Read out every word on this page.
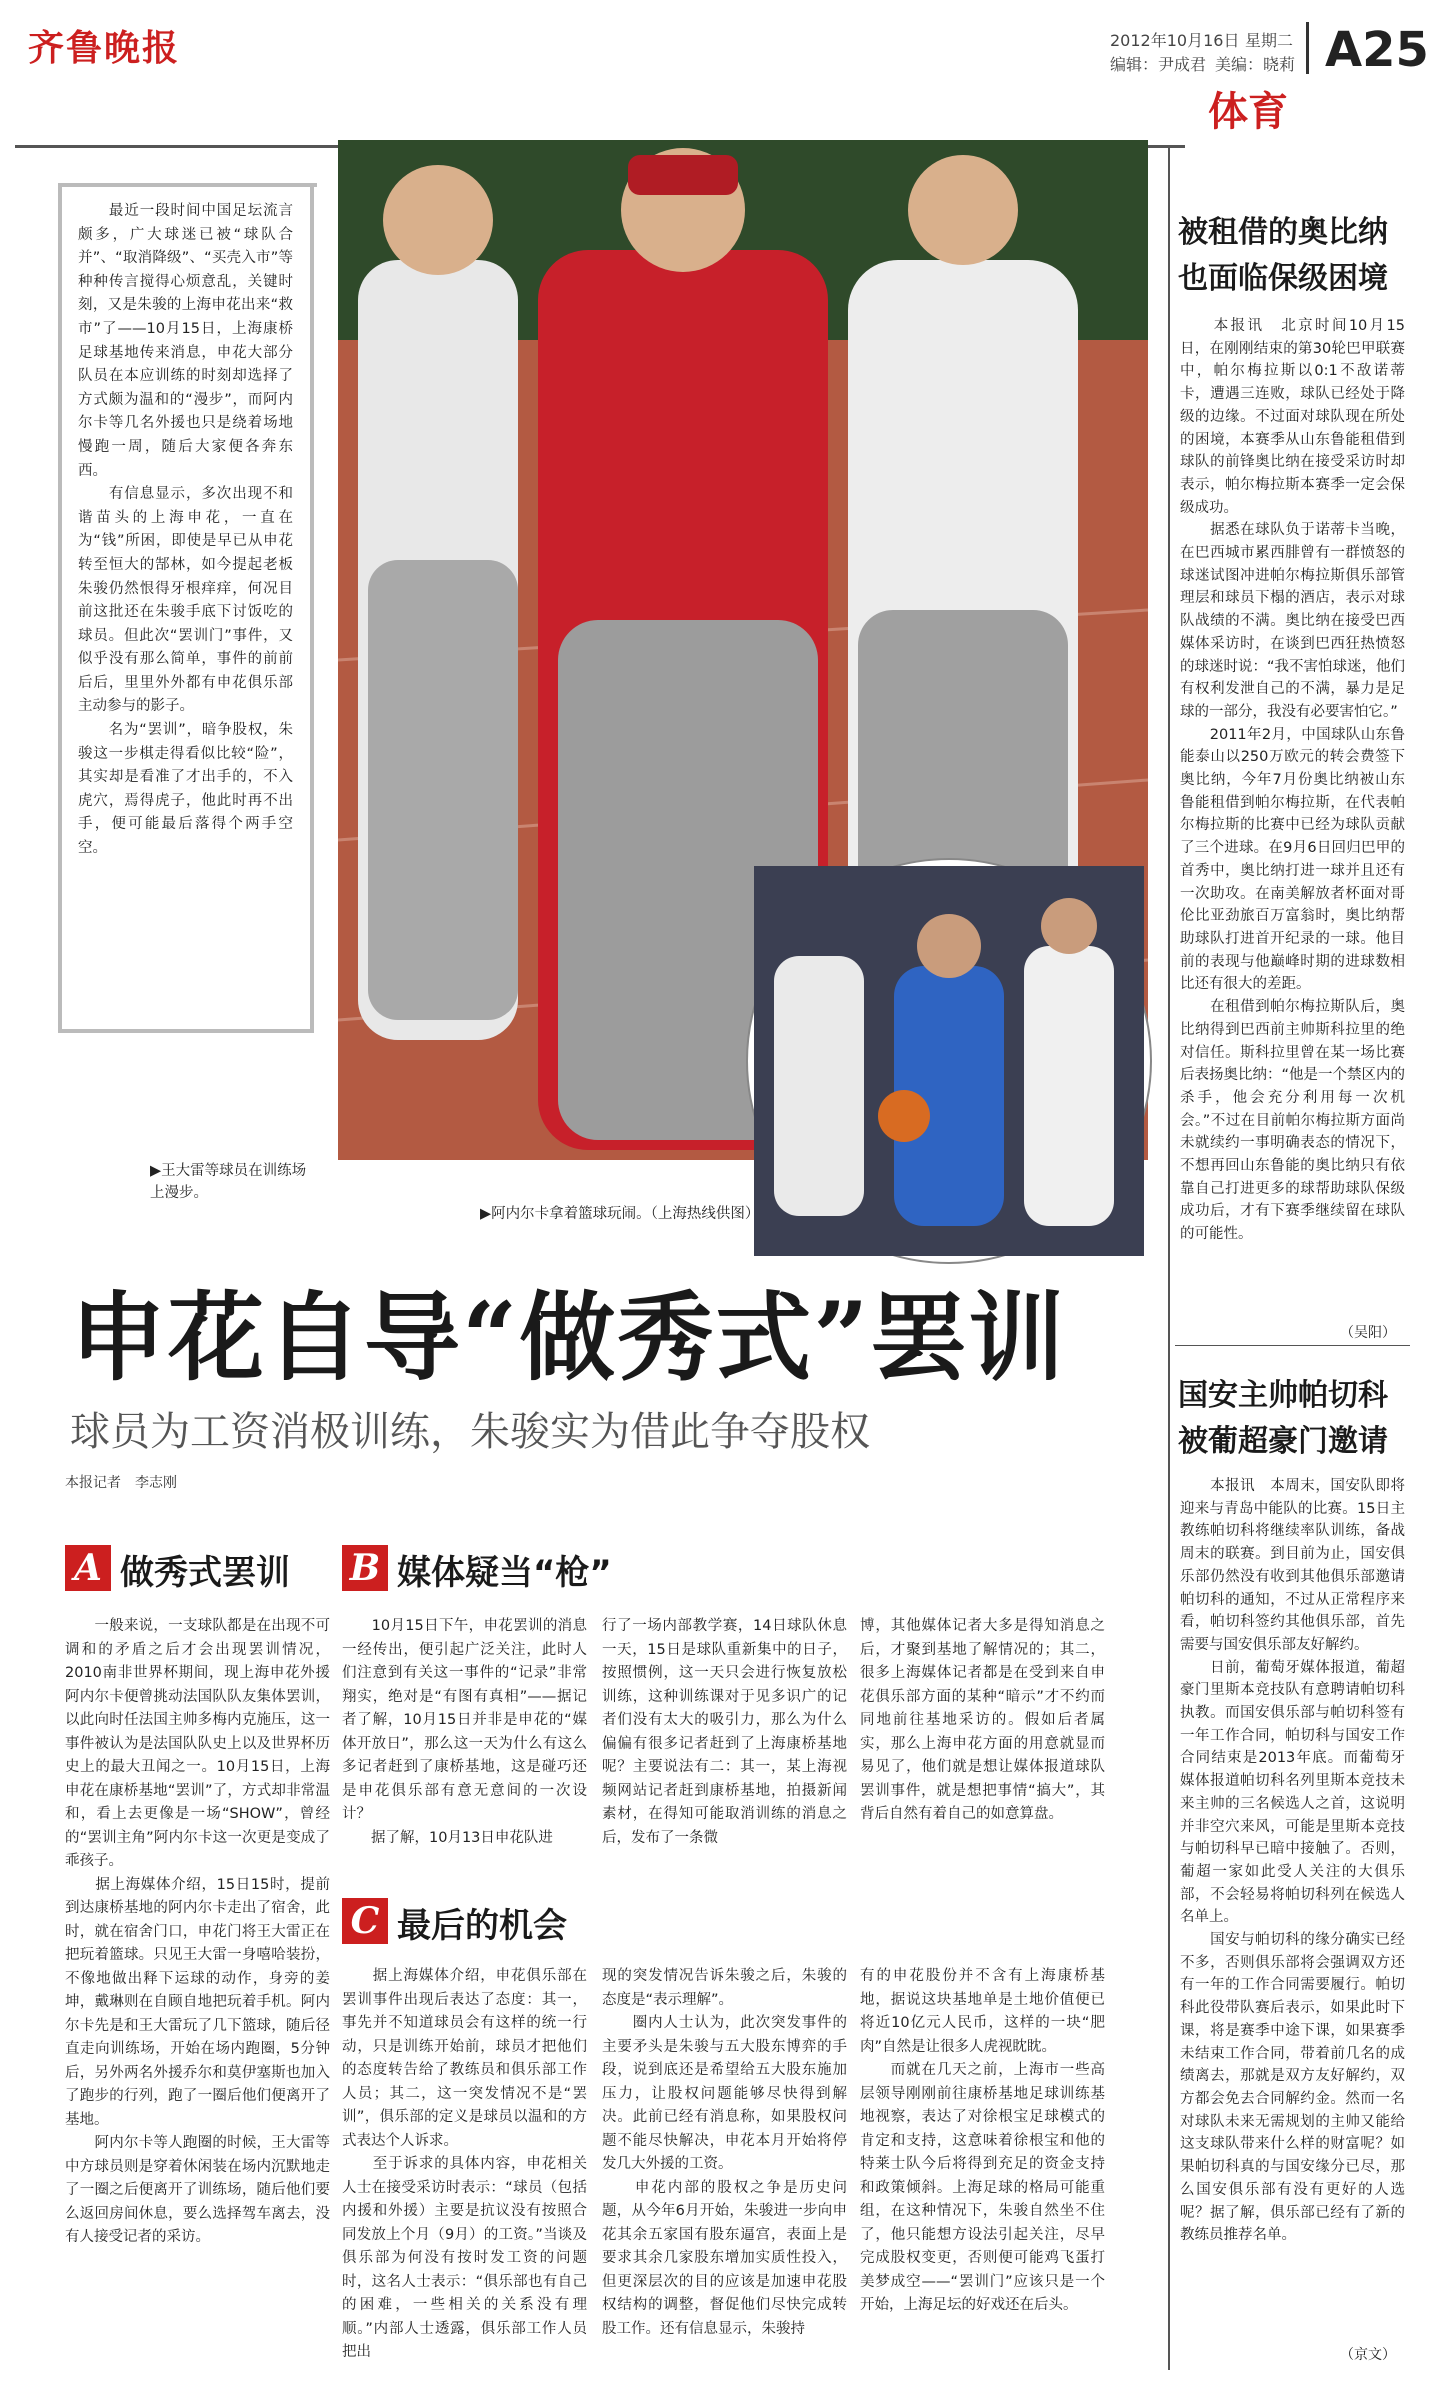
齐鲁晚报	2012年10月16日 星期二
编辑：尹成君 美编：晓莉 A25
体育
▶王大雷等球员在训练场上漫步。
▶阿内尔卡拿着篮球玩闹。（上海热线供图）
　　最近一段时间中国足坛流言颇多，广大球迷已被“球队合并”、“取消降级”、“买壳入市”等种种传言搅得心烦意乱，关键时刻，又是朱骏的上海申花出来“救市”了——10月15日，上海康桥足球基地传来消息，申花大部分队员在本应训练的时刻却选择了方式颇为温和的“漫步”，而阿内尔卡等几名外援也只是绕着场地慢跑一周，随后大家便各奔东西。
　　有信息显示，多次出现不和谐苗头的上海申花，一直在为“钱”所困，即使是早已从申花转至恒大的郜林，如今提起老板朱骏仍然恨得牙根痒痒，何况目前这批还在朱骏手底下讨饭吃的球员。但此次“罢训门”事件，又似乎没有那么简单，事件的前前后后，里里外外都有申花俱乐部主动参与的影子。
　　名为“罢训”，暗争股权，朱骏这一步棋走得看似比较“险”，其实却是看准了才出手的，不入虎穴，焉得虎子，他此时再不出手，便可能最后落得个两手空空。
申花自导“做秀式”罢训
球员为工资消极训练，朱骏实为借此争夺股权
本报记者　李志刚
A 做秀式罢训
　　一般来说，一支球队都是在出现不可调和的矛盾之后才会出现罢训情况，2010南非世界杯期间，现上海申花外援阿内尔卡便曾挑动法国队队友集体罢训，以此向时任法国主帅多梅内克施压，这一事件被认为是法国队队史上以及世界杯历史上的最大丑闻之一。10月15日，上海申花在康桥基地“罢训”了，方式却非常温和，看上去更像是一场“SHOW”，曾经的“罢训主角”阿内尔卡这一次更是变成了乖孩子。
　　据上海媒体介绍，15日15时，提前到达康桥基地的阿内尔卡走出了宿舍，此时，就在宿舍门口，申花门将王大雷正在把玩着篮球。只见王大雷一身嘻哈装扮，不像地做出释下运球的动作，身旁的姜坤，戴琳则在自顾自地把玩着手机。阿内尔卡先是和王大雷玩了几下篮球，随后径直走向训练场，开始在场内跑圈，5分钟后，另外两名外援乔尔和莫伊塞斯也加入了跑步的行列，跑了一圈后他们便离开了基地。
　　阿内尔卡等人跑圈的时候，王大雷等中方球员则是穿着休闲装在场内沉默地走了一圈之后便离开了训练场，随后他们要么返回房间休息，要么选择驾车离去，没有人接受记者的采访。
B 媒体疑当“枪”
　　10月15日下午，申花罢训的消息一经传出，便引起广泛关注，此时人们注意到有关这一事件的“记录”非常翔实，绝对是“有图有真相”——据记者了解，10月15日并非是申花的“媒体开放日”，那么这一天为什么有这么多记者赶到了康桥基地，这是碰巧还是申花俱乐部有意无意间的一次设计？
　　据了解，10月13日申花队进
行了一场内部教学赛，14日球队休息一天，15日是球队重新集中的日子，按照惯例，这一天只会进行恢复放松训练，这种训练课对于见多识广的记者们没有太大的吸引力，那么为什么偏偏有很多记者赶到了上海康桥基地呢？主要说法有二：其一，某上海视频网站记者赶到康桥基地，拍摄新闻素材，在得知可能取消训练的消息之后，发布了一条微
博，其他媒体记者大多是得知消息之后，才聚到基地了解情况的；其二，很多上海媒体记者都是在受到来自申花俱乐部方面的某种“暗示”才不约而同地前往基地采访的。假如后者属实，那么上海申花方面的用意就显而易见了，他们就是想让媒体报道球队罢训事件，就是想把事情“搞大”，其背后自然有着自己的如意算盘。
C 最后的机会
　　据上海媒体介绍，申花俱乐部在罢训事件出现后表达了态度：其一，事先并不知道球员会有这样的统一行动，只是训练开始前，球员才把他们的态度转告给了教练员和俱乐部工作人员；其二，这一突发情况不是“罢训”，俱乐部的定义是球员以温和的方式表达个人诉求。
　　至于诉求的具体内容，申花相关人士在接受采访时表示：“球员（包括内援和外援）主要是抗议没有按照合同发放上个月（9月）的工资。”当谈及俱乐部为何没有按时发工资的问题时，这名人士表示：“俱乐部也有自己的困难，一些相关的关系没有理顺。”内部人士透露，俱乐部工作人员把出
现的突发情况告诉朱骏之后，朱骏的态度是“表示理解”。
　　圈内人士认为，此次突发事件的主要矛头是朱骏与五大股东博弈的手段，说到底还是希望给五大股东施加压力，让股权问题能够尽快得到解决。此前已经有消息称，如果股权问题不能尽快解决，申花本月开始将停发几大外援的工资。
　　申花内部的股权之争是历史问题，从今年6月开始，朱骏进一步向申花其余五家国有股东逼宫，表面上是要求其余几家股东增加实质性投入，但更深层次的目的应该是加速申花股权结构的调整，督促他们尽快完成转股工作。还有信息显示，朱骏持
有的申花股份并不含有上海康桥基地，据说这块基地单是土地价值便已将近10亿元人民币，这样的一块“肥肉”自然是让很多人虎视眈眈。
　　而就在几天之前，上海市一些高层领导刚刚前往康桥基地足球训练基地视察，表达了对徐根宝足球模式的肯定和支持，这意味着徐根宝和他的特莱士队今后将得到充足的资金支持和政策倾斜。上海足球的格局可能重组，在这种情况下，朱骏自然坐不住了，他只能想方设法引起关注，尽早完成股权变更，否则便可能鸡飞蛋打美梦成空——“罢训门”应该只是一个开始，上海足坛的好戏还在后头。
被租借的奥比纳
也面临保级困境
　　本报讯　北京时间10月15日，在刚刚结束的第30轮巴甲联赛中，帕尔梅拉斯以0:1不敌诺蒂卡，遭遇三连败，球队已经处于降级的边缘。不过面对球队现在所处的困境，本赛季从山东鲁能租借到球队的前锋奥比纳在接受采访时却表示，帕尔梅拉斯本赛季一定会保级成功。
　　据悉在球队负于诺蒂卡当晚，在巴西城市累西腓曾有一群愤怒的球迷试图冲进帕尔梅拉斯俱乐部管理层和球员下榻的酒店，表示对球队战绩的不满。奥比纳在接受巴西媒体采访时，在谈到巴西狂热愤怒的球迷时说：“我不害怕球迷，他们有权利发泄自己的不满，暴力是足球的一部分，我没有必要害怕它。”
　　2011年2月，中国球队山东鲁能泰山以250万欧元的转会费签下奥比纳，今年7月份奥比纳被山东鲁能租借到帕尔梅拉斯，在代表帕尔梅拉斯的比赛中已经为球队贡献了三个进球。在9月6日回归巴甲的首秀中，奥比纳打进一球并且还有一次助攻。在南美解放者杯面对哥伦比亚劲旅百万富翁时，奥比纳帮助球队打进首开纪录的一球。他目前的表现与他巅峰时期的进球数相比还有很大的差距。
　　在租借到帕尔梅拉斯队后，奥比纳得到巴西前主帅斯科拉里的绝对信任。斯科拉里曾在某一场比赛后表扬奥比纳：“他是一个禁区内的杀手，他会充分利用每一次机会。”不过在目前帕尔梅拉斯方面尚未就续约一事明确表态的情况下，不想再回山东鲁能的奥比纳只有依靠自己打进更多的球帮助球队保级成功后，才有下赛季继续留在球队的可能性。
（吴阳）
国安主帅帕切科
被葡超豪门邀请
　　本报讯　本周末，国安队即将迎来与青岛中能队的比赛。15日主教练帕切科将继续率队训练，备战周末的联赛。到目前为止，国安俱乐部仍然没有收到其他俱乐部邀请帕切科的通知，不过从正常程序来看，帕切科签约其他俱乐部，首先需要与国安俱乐部友好解约。
　　日前，葡萄牙媒体报道，葡超豪门里斯本竞技队有意聘请帕切科执教。而国安俱乐部与帕切科签有一年工作合同，帕切科与国安工作合同结束是2013年底。而葡萄牙媒体报道帕切科名列里斯本竞技未来主帅的三名候选人之首，这说明并非空穴来风，可能是里斯本竞技与帕切科早已暗中接触了。否则，葡超一家如此受人关注的大俱乐部，不会轻易将帕切科列在候选人名单上。
　　国安与帕切科的缘分确实已经不多，否则俱乐部将会强调双方还有一年的工作合同需要履行。帕切科此役带队赛后表示，如果此时下课，将是赛季中途下课，如果赛季未结束工作合同，带着前几名的成绩离去，那就是双方友好解约，双方都会免去合同解约金。然而一名对球队未来无需规划的主帅又能给这支球队带来什么样的财富呢？如果帕切科真的与国安缘分已尽，那么国安俱乐部有没有更好的人选呢？据了解，俱乐部已经有了新的教练员推荐名单。
（京文）
